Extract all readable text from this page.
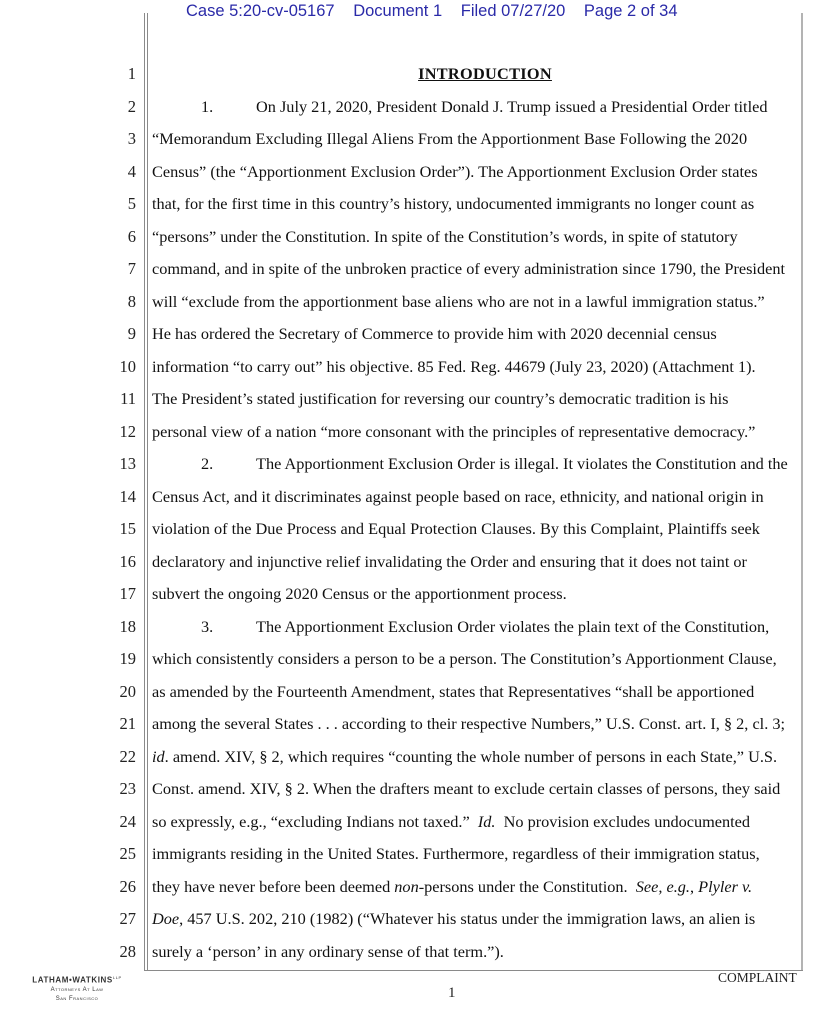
Case 5:20-cv-05167 Document 1 Filed 07/27/20 Page 2 of 34
1
2
3
4
5
6
7
8
9
10
11
12
13
14
15
16
17
18
19
20
21
22
23
24
25
26
27
28
INTRODUCTION
1.	On July 21, 2020, President Donald J. Trump issued a Presidential Order titled
“Memorandum Excluding Illegal Aliens From the Apportionment Base Following the 2020
Census” (the “Apportionment Exclusion Order”). The Apportionment Exclusion Order states
that, for the first time in this country’s history, undocumented immigrants no longer count as
“persons” under the Constitution. In spite of the Constitution’s words, in spite of statutory
command, and in spite of the unbroken practice of every administration since 1790, the President
will “exclude from the apportionment base aliens who are not in a lawful immigration status.”
He has ordered the Secretary of Commerce to provide him with 2020 decennial census
information “to carry out” his objective. 85 Fed. Reg. 44679 (July 23, 2020) (Attachment 1).
The President’s stated justification for reversing our country’s democratic tradition is his
personal view of a nation “more consonant with the principles of representative democracy.”
2.	The Apportionment Exclusion Order is illegal. It violates the Constitution and the
Census Act, and it discriminates against people based on race, ethnicity, and national origin in
violation of the Due Process and Equal Protection Clauses. By this Complaint, Plaintiffs seek
declaratory and injunctive relief invalidating the Order and ensuring that it does not taint or
subvert the ongoing 2020 Census or the apportionment process.
3.	The Apportionment Exclusion Order violates the plain text of the Constitution,
which consistently considers a person to be a person. The Constitution’s Apportionment Clause,
as amended by the Fourteenth Amendment, states that Representatives “shall be apportioned
among the several States . . . according to their respective Numbers,” U.S. Const. art. I, § 2, cl. 3;
id. amend. XIV, § 2, which requires “counting the whole number of persons in each State,” U.S.
Const. amend. XIV, § 2. When the drafters meant to exclude certain classes of persons, they said
so expressly, e.g., “excluding Indians not taxed.”  Id.  No provision excludes undocumented
immigrants residing in the United States. Furthermore, regardless of their immigration status,
they have never before been deemed non-persons under the Constitution.  See, e.g., Plyler v.
Doe, 457 U.S. 202, 210 (1982) (“Whatever his status under the immigration laws, an alien is
surely a ‘person’ in any ordinary sense of that term.”).
$LATHAM•WATKINS^{LLP}$
Attorneys At Law
San Francisco
COMPLAINT
1
